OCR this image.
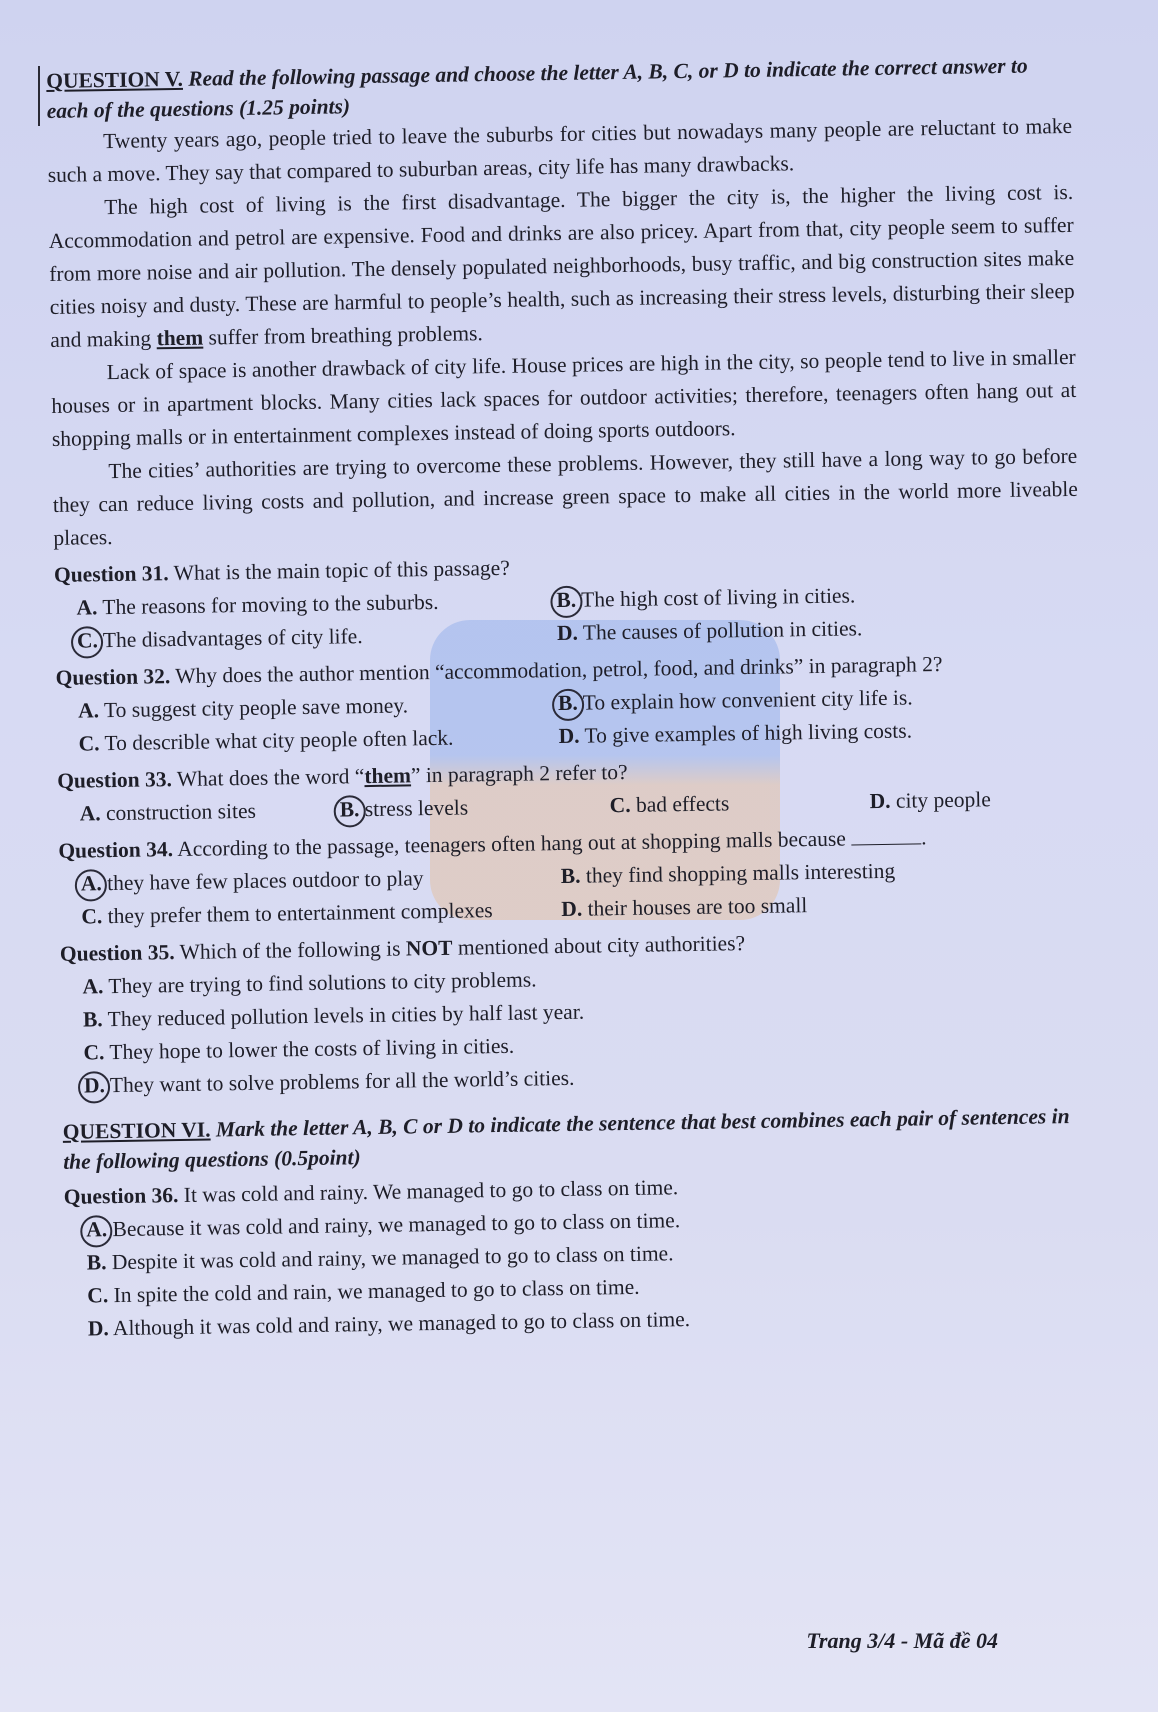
QUESTION V. Read the following passage and choose the letter A, B, C, or D to indicate the correct answer to each of the questions (1.25 points)

Twenty years ago, people tried to leave the suburbs for cities but nowadays many people are reluctant to make such a move. They say that compared to suburban areas, city life has many drawbacks.

The high cost of living is the first disadvantage. The bigger the city is, the higher the living cost is. Accommodation and petrol are expensive. Food and drinks are also pricey. Apart from that, city people seem to suffer from more noise and air pollution. The densely populated neighborhoods, busy traffic, and big construction sites make cities noisy and dusty. These are harmful to people’s health, such as increasing their stress levels, disturbing their sleep and making them suffer from breathing problems.

Lack of space is another drawback of city life. House prices are high in the city, so people tend to live in smaller houses or in apartment blocks. Many cities lack spaces for outdoor activities; therefore, teenagers often hang out at shopping malls or in entertainment complexes instead of doing sports outdoors.

The cities’ authorities are trying to overcome these problems. However, they still have a long way to go before they can reduce living costs and pollution, and increase green space to make all cities in the world more liveable places.

Question 31. What is the main topic of this passage?
A. The reasons for moving to the suburbs.	B. The high cost of living in cities.
C. The disadvantages of city life.	D. The causes of pollution in cities.
Question 32. Why does the author mention “accommodation, petrol, food, and drinks” in paragraph 2?
A. To suggest city people save money.	B. To explain how convenient city life is.
C. To describle what city people often lack.	D. To give examples of high living costs.
Question 33. What does the word “them” in paragraph 2 refer to?
A. construction sites	B. stress levels	C. bad effects	D. city people
Question 34. According to the passage, teenagers often hang out at shopping malls because	.
A. they have few places outdoor to play	B. they find shopping malls interesting
C. they prefer them to entertainment complexes	D. their houses are too small
Question 35. Which of the following is NOT mentioned about city authorities?
A. They are trying to find solutions to city problems.
B. They reduced pollution levels in cities by half last year.
C. They hope to lower the costs of living in cities.
D. They want to solve problems for all the world’s cities.
QUESTION VI. Mark the letter A, B, C or D to indicate the sentence that best combines each pair of sentences in the following questions (0.5point)
Question 36. It was cold and rainy. We managed to go to class on time.
A. Because it was cold and rainy, we managed to go to class on time.
B. Despite it was cold and rainy, we managed to go to class on time.
C. In spite the cold and rain, we managed to go to class on time.
D. Although it was cold and rainy, we managed to go to class on time.
Trang 3/4 - Mã đề 04
